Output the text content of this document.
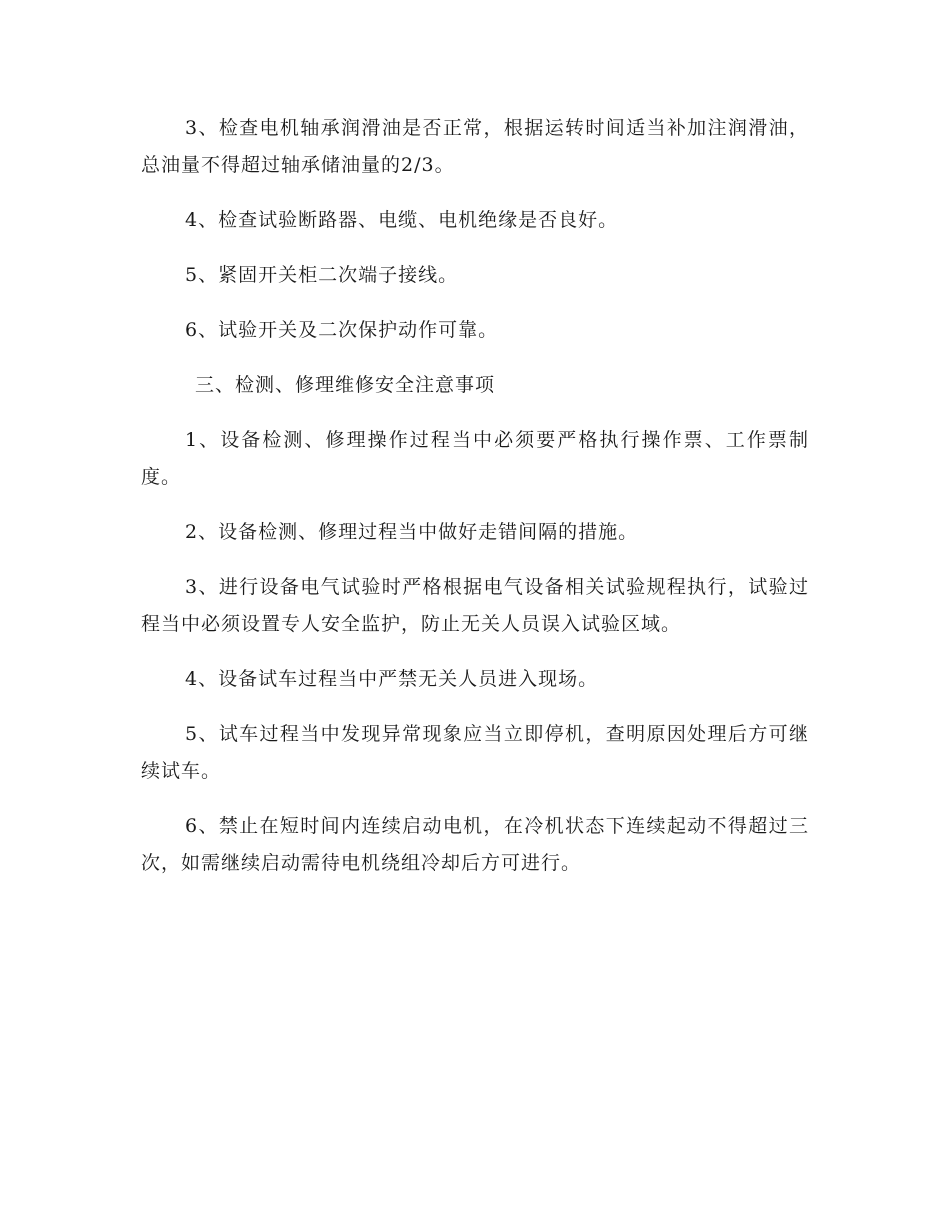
3、检查电机轴承润滑油是否正常，根据运转时间适当补加注润滑油，总油量不得超过轴承储油量的2/3。

4、检查试验断路器、电缆、电机绝缘是否良好。

5、紧固开关柜二次端子接线。

6、试验开关及二次保护动作可靠。

三、检测、修理维修安全注意事项

1、设备检测、修理操作过程当中必须要严格执行操作票、工作票制度。

2、设备检测、修理过程当中做好走错间隔的措施。

3、进行设备电气试验时严格根据电气设备相关试验规程执行，试验过程当中必须设置专人安全监护，防止无关人员误入试验区域。

4、设备试车过程当中严禁无关人员进入现场。

5、试车过程当中发现异常现象应当立即停机，查明原因处理后方可继续试车。

6、禁止在短时间内连续启动电机，在冷机状态下连续起动不得超过三次，如需继续启动需待电机绕组冷却后方可进行。
